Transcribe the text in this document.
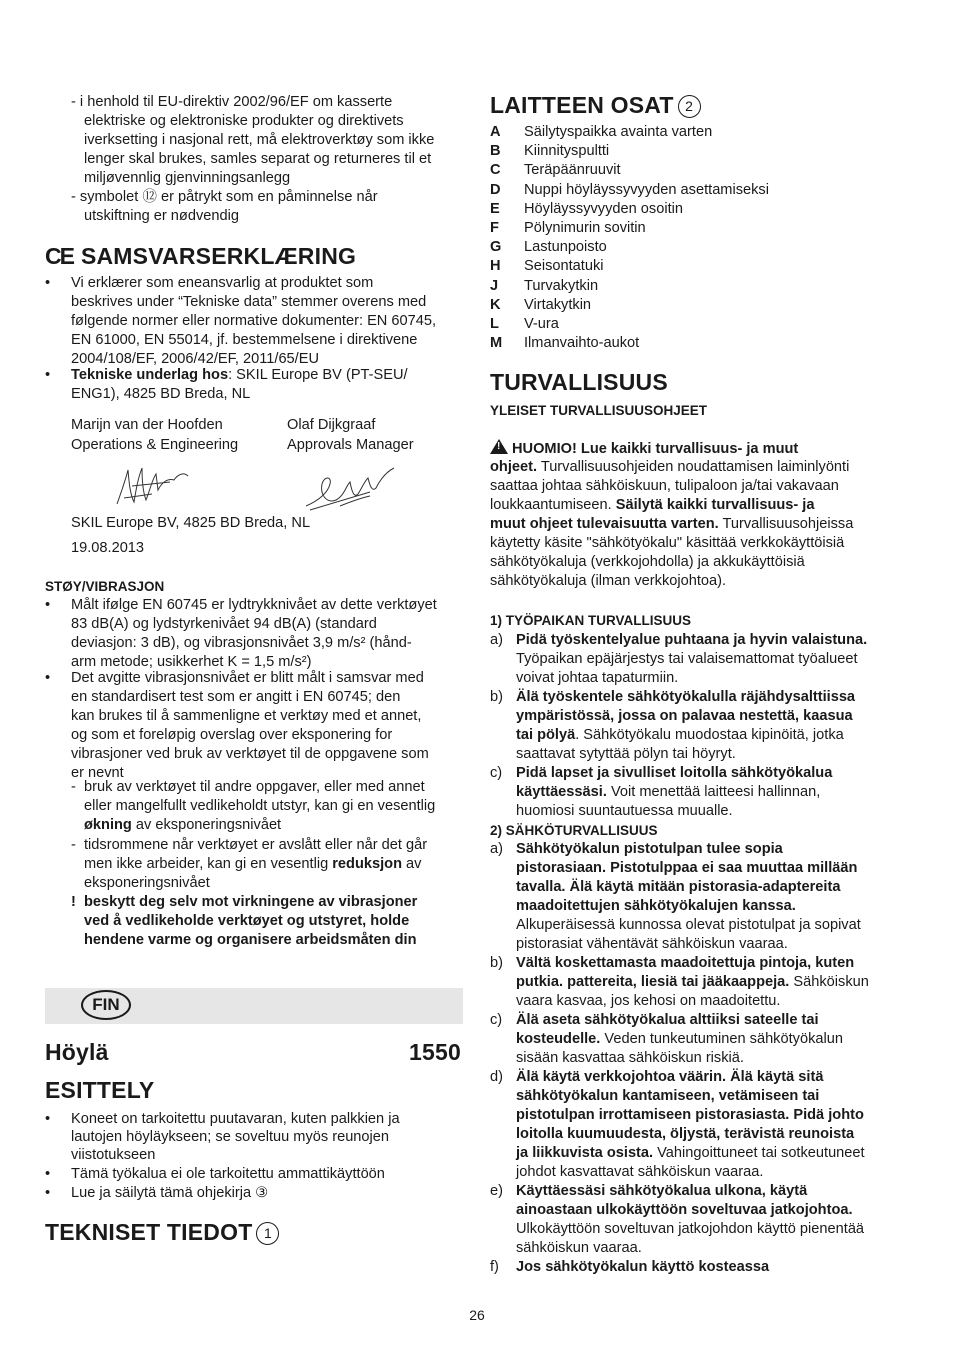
- i henhold til EU-direktiv 2002/96/EF om kasserte
elektriske og elektroniske produkter og direktivets
iverksetting i nasjonal rett, må elektroverktøy som ikke
lenger skal brukes, samles separat og returneres til et
miljøvennlig gjenvinningsanlegg
- symbolet ⑫ er påtrykt som en påminnelse når
utskiftning er nødvendig
CE SAMSVARSERKLÆRING
Vi erklærer som eneansvarlig at produktet som
beskrives under “Tekniske data” stemmer overens med
følgende normer eller normative dokumenter: EN 60745,
EN 61000, EN 55014, jf. bestemmelsene i direktivene
2004/108/EF, 2006/42/EF, 2011/65/EU
•
• Tekniske underlag hos: SKIL Europe BV (PT-SEU/
ENG1), 4825 BD Breda, NL
Marijn van der Hoofden
Operations & Engineering
Olaf Dijkgraaf
Approvals Manager
SKIL Europe BV, 4825 BD Breda, NL
19.08.2013
STØY/VIBRASJON
• Målt ifølge EN 60745 er lydtrykknivået av dette verktøyet
83 dB(A) og lydstyrkenivået 94 dB(A) (standard
deviasjon: 3 dB), og vibrasjonsnivået 3,9 m/s² (hånd-
arm metode; usikkerhet K = 1,5 m/s²)
• Det avgitte vibrasjonsnivået er blitt målt i samsvar med
en standardisert test som er angitt i EN 60745; den
kan brukes til å sammenligne et verktøy med et annet,
og som et foreløpig overslag over eksponering for
vibrasjoner ved bruk av verktøyet til de oppgavene som
er nevnt
- bruk av verktøyet til andre oppgaver, eller med annet
eller mangelfullt vedlikeholdt utstyr, kan gi en vesentlig
økning av eksponeringsnivået
- tidsrommene når verktøyet er avslått eller når det går
men ikke arbeider, kan gi en vesentlig reduksjon av
eksponeringsnivået
! beskytt deg selv mot virkningene av vibrasjoner
ved å vedlikeholde verktøyet og utstyret, holde
hendene varme og organisere arbeidsmåten din
Höylä	1550
ESITTELY
• Koneet on tarkoitettu puutavaran, kuten palkkien ja
lautojen höyläykseen; se soveltuu myös reunojen
viistotukseen
• Tämä työkalua ei ole tarkoitettu ammattikäyttöön
• Lue ja säilytä tämä ohjekirja ③
TEKNISET TIEDOT 1
FIN
LAITTEEN OSAT 2
A Säilytyspaikka avainta varten
B Kiinnityspultti
C Teräpäänruuvit
D Nuppi höyläyssyvyyden asettamiseksi
E Höyläyssyvyyden osoitin
F Pölynimurin sovitin
G Lastunpoisto
H Seisontatuki
J Turvakytkin
K Virtakytkin
L V-ura
M Ilmanvaihto-aukot
TURVALLISUUS
YLEISET TURVALLISUUSOHJEET
!HUOMIO! Lue kaikki turvallisuus- ja muut
ohjeet. Turvallisuusohjeiden noudattamisen laiminlyönti
saattaa johtaa sähköiskuun, tulipaloon ja/tai vakavaan
loukkaantumiseen. Säilytä kaikki turvallisuus- ja
muut ohjeet tulevaisuutta varten. Turvallisuusohjeissa
käytetty käsite "sähkötyökalu" käsittää verkkokäyttöisiä
sähkötyökaluja (verkkojohdolla) ja akkukäyttöisiä
sähkötyökaluja (ilman verkkojohtoa).
1) TYÖPAIKAN TURVALLISUUS
a) Pidä työskentelyalue puhtaana ja hyvin valaistuna.
Työpaikan epäjärjestys tai valaisemattomat työalueet
voivat johtaa tapaturmiin.
b) Älä työskentele sähkötyökalulla räjähdysalttiissa
ympäristössä, jossa on palavaa nestettä, kaasua
tai pölyä. Sähkötyökalu muodostaa kipinöitä, jotka
saattavat sytyttää pölyn tai höyryt.
c) Pidä lapset ja sivulliset loitolla sähkötyökalua
käyttäessäsi. Voit menettää laitteesi hallinnan,
huomiosi suuntautuessa muualle.
2) SÄHKÖTURVALLISUUS
a) Sähkötyökalun pistotulpan tulee sopia
pistorasiaan. Pistotulppaa ei saa muuttaa millään
tavalla. Älä käytä mitään pistorasia-adaptereita
maadoitettujen sähkötyökalujen kanssa.
Alkuperäisessä kunnossa olevat pistotulpat ja sopivat
pistorasiat vähentävät sähköiskun vaaraa.
b) Vältä koskettamasta maadoitettuja pintoja, kuten
putkia. pattereita, liesiä tai jääkaappeja. Sähköiskun
vaara kasvaa, jos kehosi on maadoitettu.
c) Älä aseta sähkötyökalua alttiiksi sateelle tai
kosteudelle. Veden tunkeutuminen sähkötyökalun
sisään kasvattaa sähköiskun riskiä.
d) Älä käytä verkkojohtoa väärin. Älä käytä sitä
sähkötyökalun kantamiseen, vetämiseen tai
pistotulpan irrottamiseen pistorasiasta. Pidä johto
loitolla kuumuudesta, öljystä, terävistä reunoista
ja liikkuvista osista. Vahingoittuneet tai sotkeutuneet
johdot kasvattavat sähköiskun vaaraa.
e) Käyttäessäsi sähkötyökalua ulkona, käytä
ainoastaan ulkokäyttöön soveltuvaa jatkojohtoa.
Ulkokäyttöön soveltuvan jatkojohdon käyttö pienentää
sähköiskun vaaraa.
f) Jos sähkötyökalun käyttö kosteassa
26
